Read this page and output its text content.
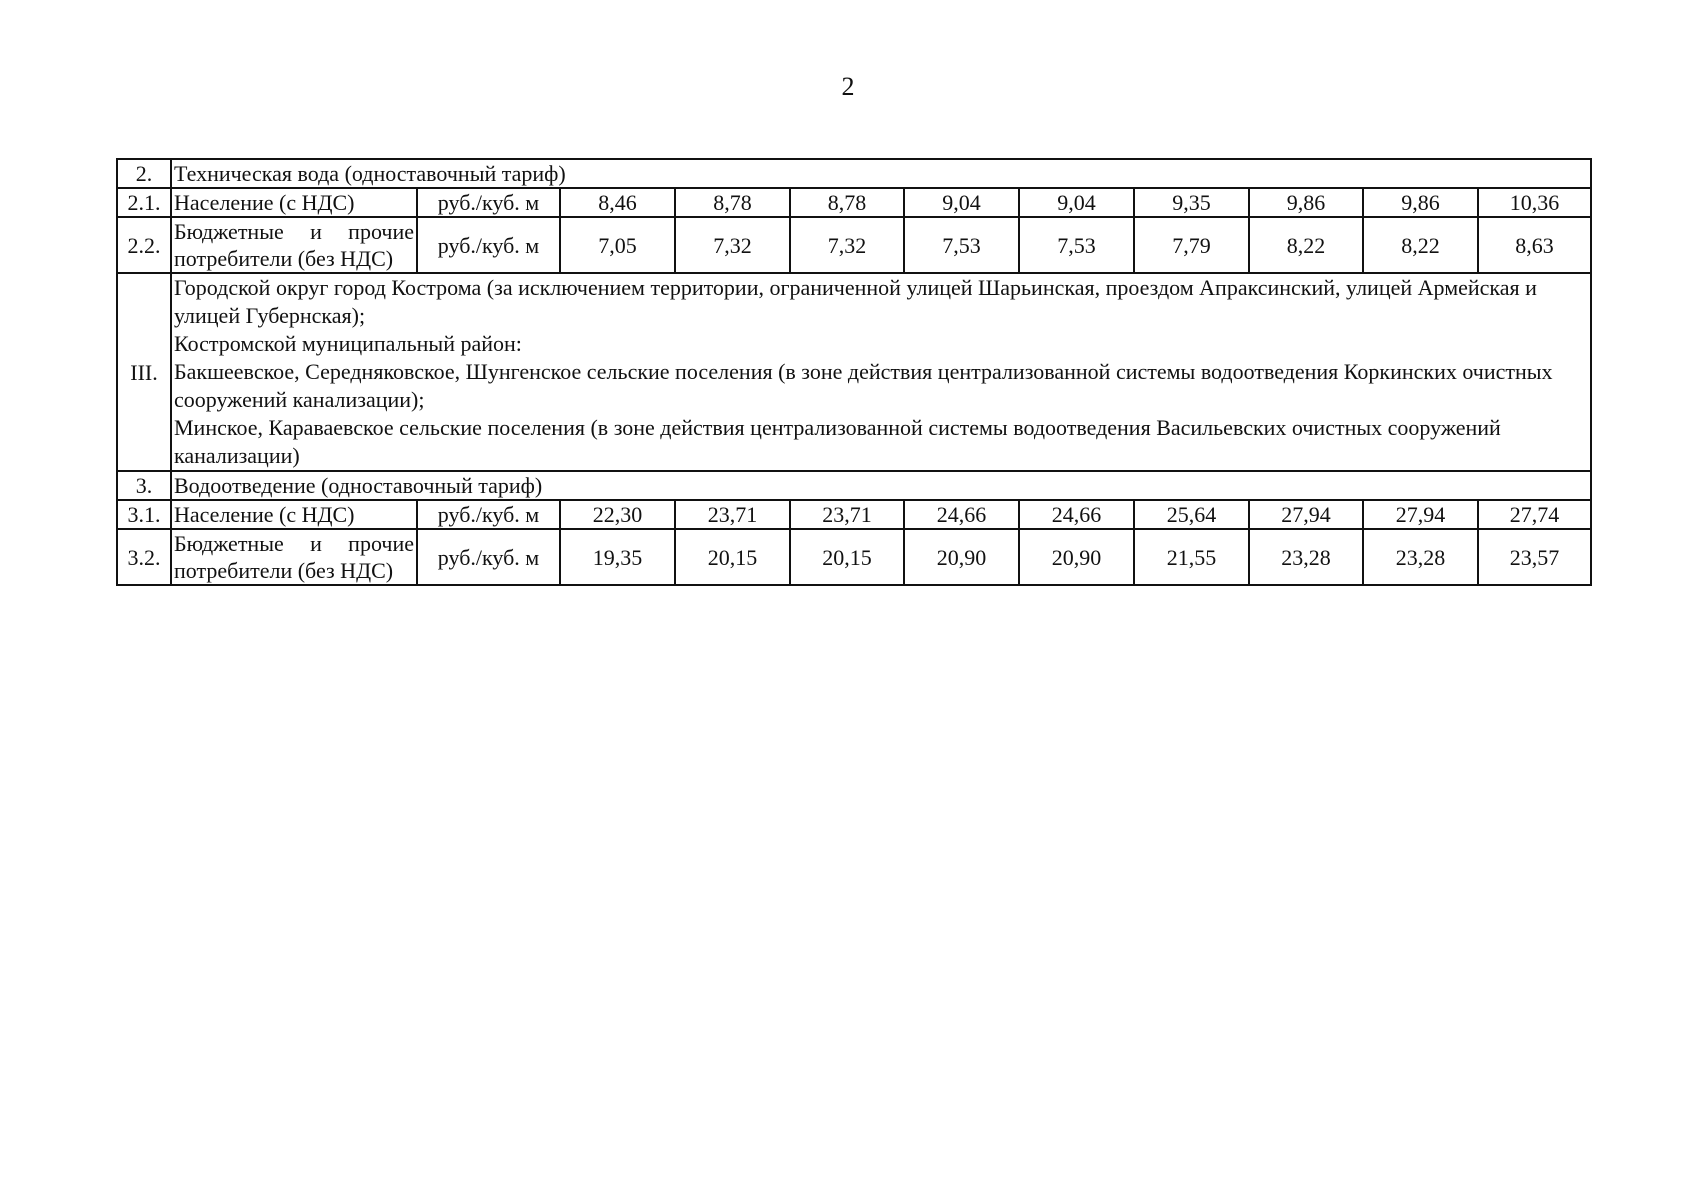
2
2.	Техническая вода (одноставочный тариф)										
2.1.	Население (с НДС)	руб./куб. м	8,46	8,78	8,78	9,04	9,04	9,35	9,86	9,86	10,36
2.2.	Бюджетные и прочие потребители (без НДС)	руб./куб. м	7,05	7,32	7,32	7,53	7,53	7,79	8,22	8,22	8,63
III.	Городской округ город Кострома (за исключением территории, ограниченной улицей Шарьинская, проездом Апраксинский, улицей Армейская и улицей Губернская);
Костромской муниципальный район:
Бакшеевское, Середняковское, Шунгенское сельские поселения (в зоне действия централизованной системы водоотведения Коркинских очистных сооружений канализации);
Минское, Караваевское сельские поселения (в зоне действия централизованной системы водоотведения Васильевских очистных сооружений канализации)										

3.	Водоотведение (одноставочный тариф)										
3.1.	Население (с НДС)	руб./куб. м	22,30	23,71	23,71	24,66	24,66	25,64	27,94	27,94	27,74
3.2.	Бюджетные и прочие потребители (без НДС)	руб./куб. м	19,35	20,15	20,15	20,90	20,90	21,55	23,28	23,28	23,57
